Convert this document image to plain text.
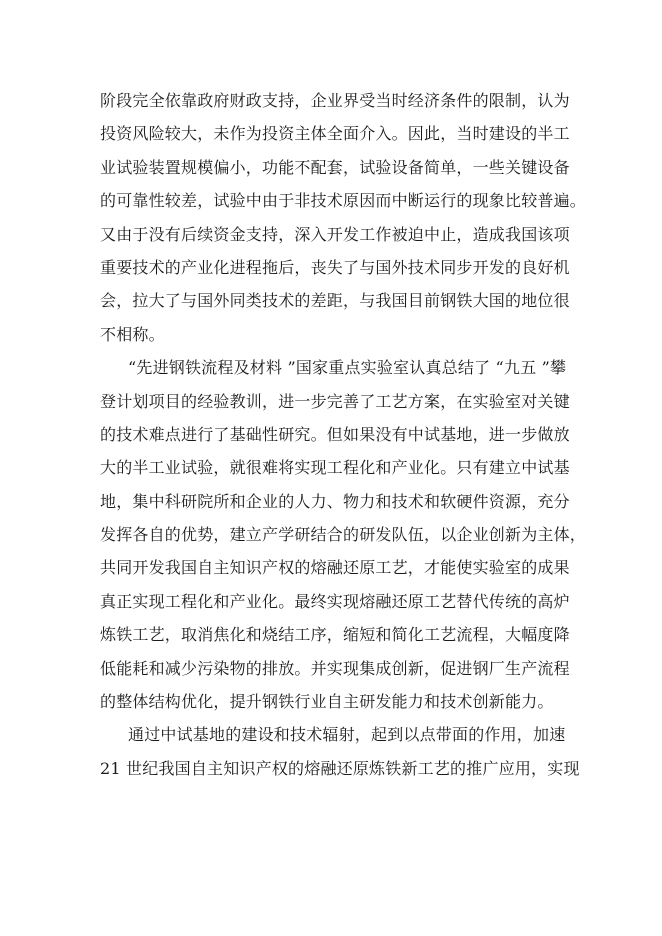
阶段完全依靠政府财政支持，企业界受当时经济条件的限制，认为
投资风险较大，未作为投资主体全面介入。因此，当时建设的半工
业试验装置规模偏小，功能不配套，试验设备简单，一些关键设备
的可靠性较差，试验中由于非技术原因而中断运行的现象比较普遍。
又由于没有后续资金支持，深入开发工作被迫中止，造成我国该项
重要技术的产业化进程拖后，丧失了与国外技术同步开发的良好机
会，拉大了与国外同类技术的差距，与我国目前钢铁大国的地位很
不相称。
“先进钢铁流程及材料 ”国家重点实验室认真总结了 “九五 ”攀
登计划项目的经验教训，进一步完善了工艺方案，在实验室对关键
的技术难点进行了基础性研究。但如果没有中试基地，进一步做放
大的半工业试验，就很难将实现工程化和产业化。只有建立中试基
地，集中科研院所和企业的人力、物力和技术和软硬件资源，充分
发挥各自的优势，建立产学研结合的研发队伍，以企业创新为主体，
共同开发我国自主知识产权的熔融还原工艺，才能使实验室的成果
真正实现工程化和产业化。最终实现熔融还原工艺替代传统的高炉
炼铁工艺，取消焦化和烧结工序，缩短和简化工艺流程，大幅度降
低能耗和减少污染物的排放。并实现集成创新，促进钢厂生产流程
的整体结构优化，提升钢铁行业自主研发能力和技术创新能力。
通过中试基地的建设和技术辐射，起到以点带面的作用，加速
21 世纪我国自主知识产权的熔融还原炼铁新工艺的推广应用，实现
